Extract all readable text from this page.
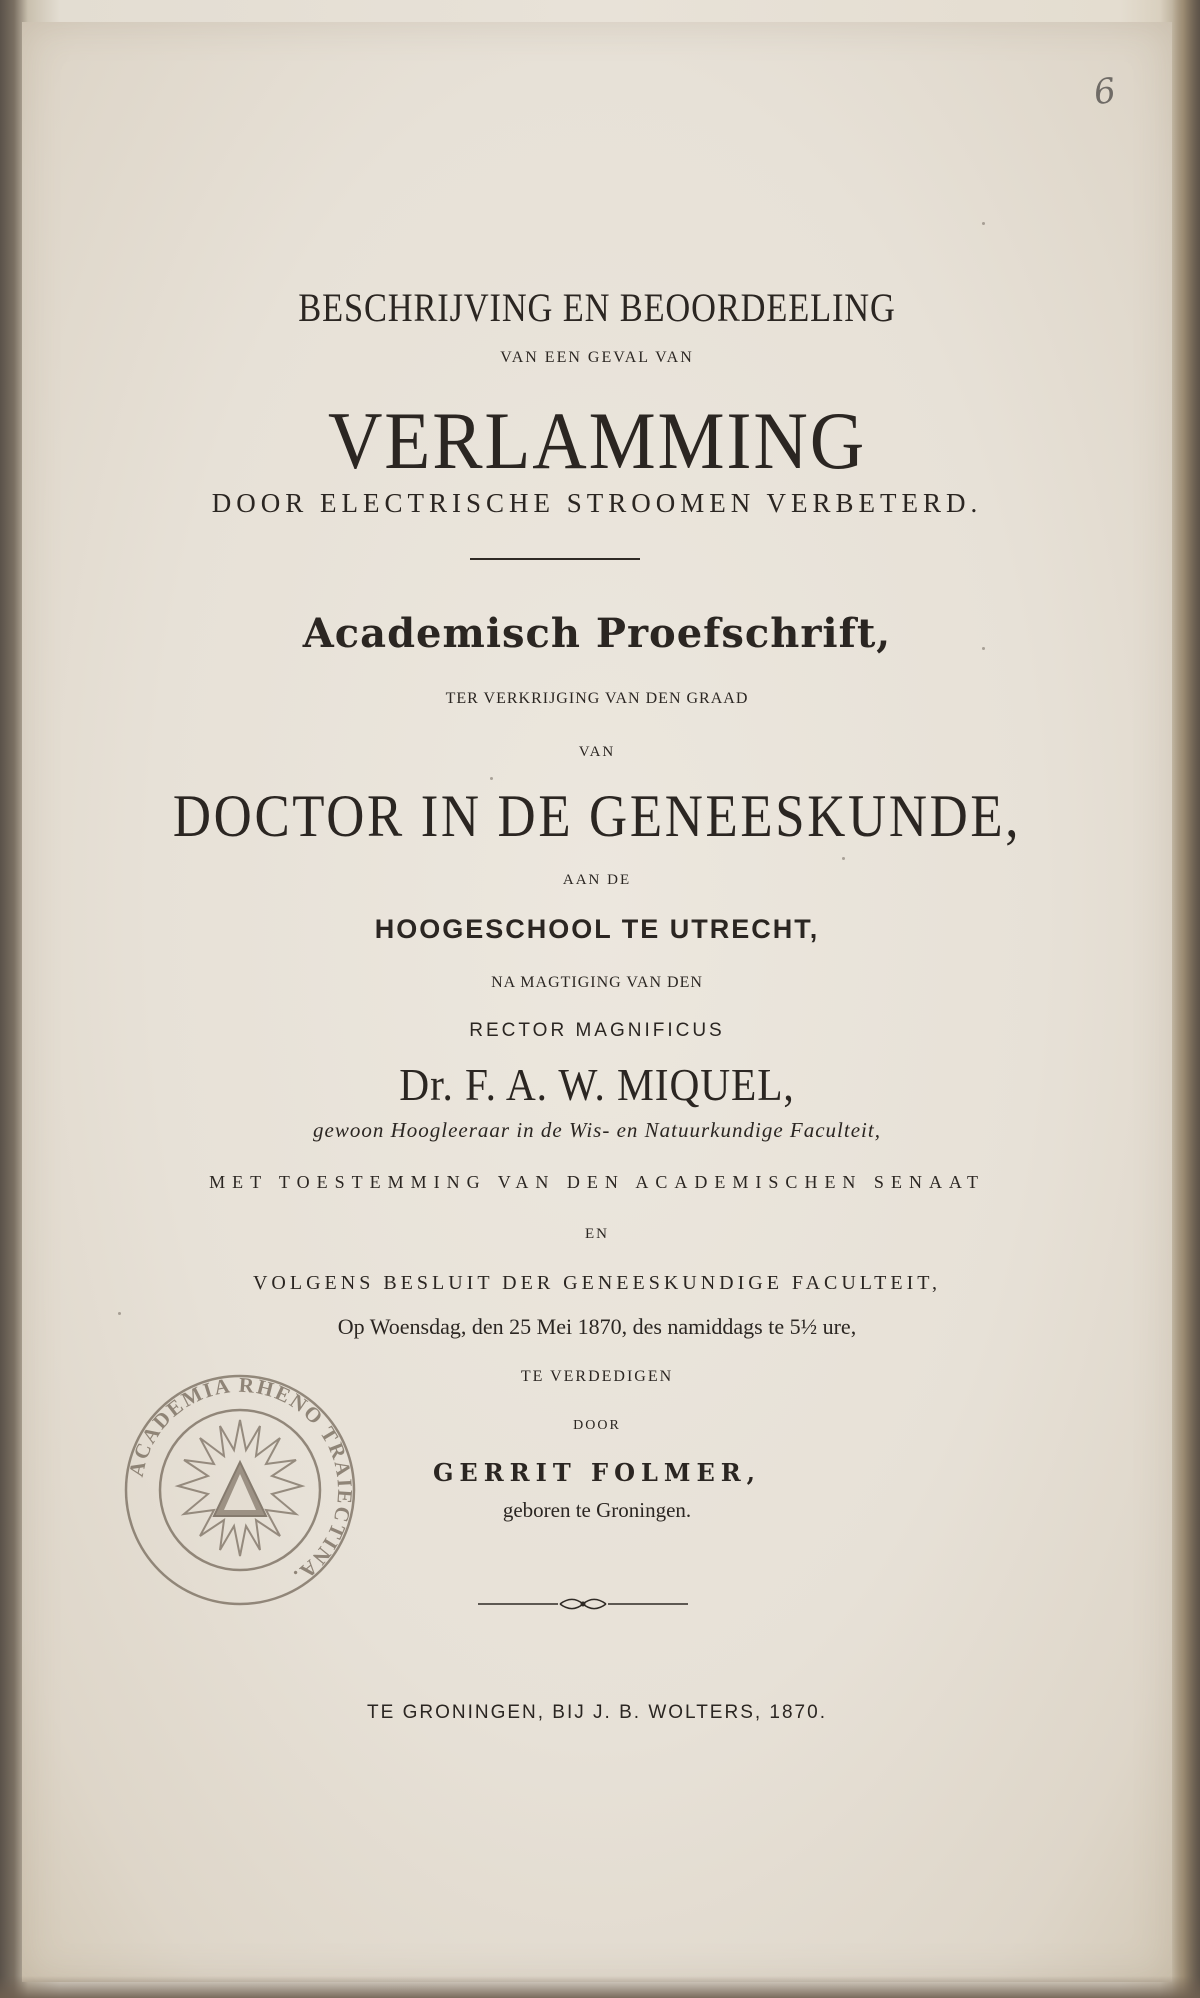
6
BESCHRIJVING EN BEOORDEELING
VAN EEN GEVAL VAN
VERLAMMING
DOOR ELECTRISCHE STROOMEN VERBETERD.
Academisch Proefschrift,
TER VERKRIJGING VAN DEN GRAAD
VAN
DOCTOR IN DE GENEESKUNDE,
AAN DE
HOOGESCHOOL TE UTRECHT,
NA MAGTIGING VAN DEN
RECTOR MAGNIFICUS
Dr. F. A. W. MIQUEL,
gewoon Hoogleeraar in de Wis- en Natuurkundige Faculteit,
MET TOESTEMMING VAN DEN ACADEMISCHEN SENAAT
EN
VOLGENS BESLUIT DER GENEESKUNDIGE FACULTEIT,
Op Woensdag, den 25 Mei 1870, des namiddags te 5½ ure,
TE VERDEDIGEN
DOOR
GERRIT FOLMER,
geboren te Groningen.
ACADEMIA RHENO TRAIECTINA.
TE GRONINGEN, BIJ J. B. WOLTERS, 1870.
